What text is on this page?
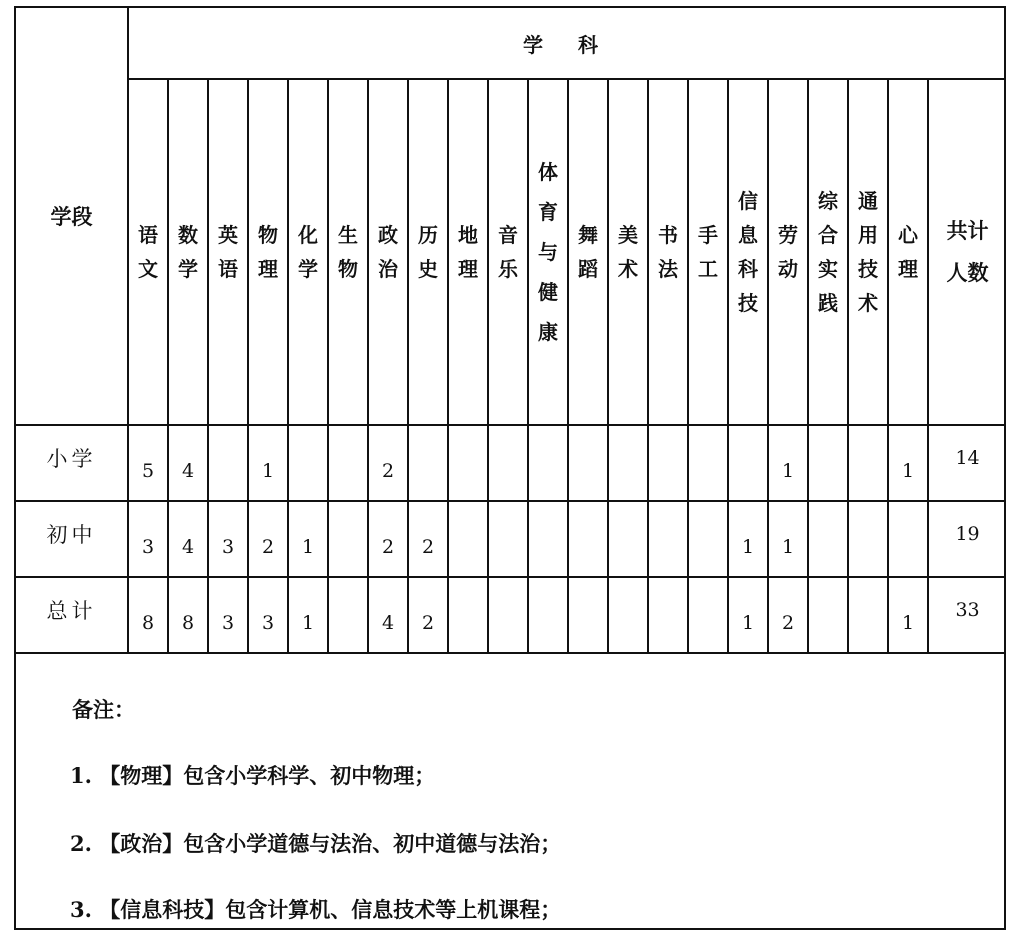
学段	学 科																				
	语文	数学	英语	物理	化学	生物	政治	历史	地理	音乐	体育与健康	舞蹈	美术	书法	手工	信息科技	劳动	综合实践	通用技术	心理	共计人数

小学	5	4		1			2										1			1	14

初中	3	4	3	2	1		2	2								1	1				19

总计	8	8	3	3	1		4	2								1	2			1	33
备注：
1. 【物理】包含小学科学、初中物理；
2. 【政治】包含小学道德与法治、初中道德与法治；
3. 【信息科技】包含计算机、信息技术等上机课程；
